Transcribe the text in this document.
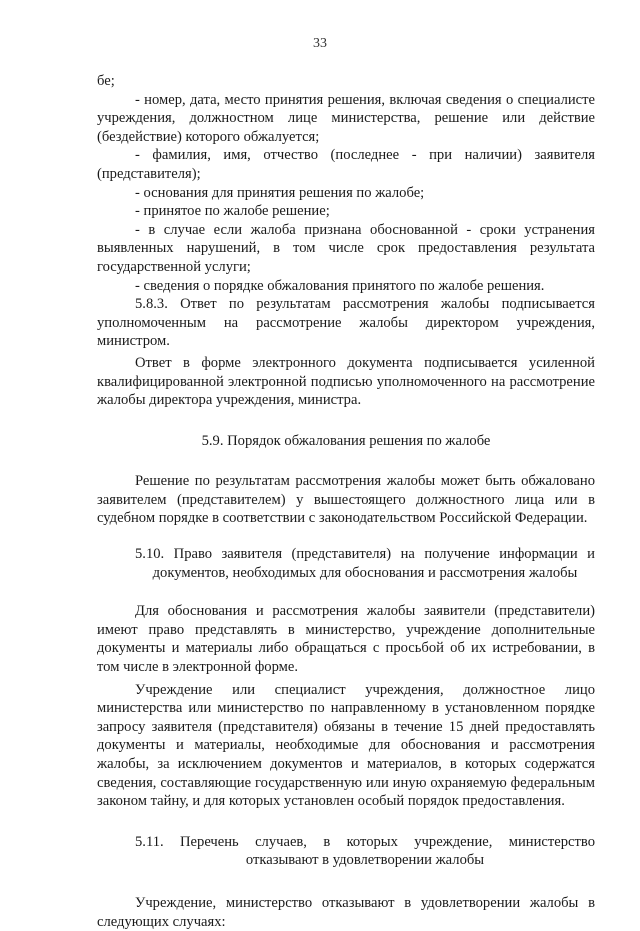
33

бе;

- номер, дата, место принятия решения, включая сведения о специалисте учреждения, должностном лице министерства, решение или действие (бездействие) которого обжалуется;

- фамилия, имя, отчество (последнее - при наличии) заявителя (представителя);

- основания для принятия решения по жалобе;

- принятое по жалобе решение;

- в случае если жалоба признана обоснованной - сроки устранения выявленных нарушений, в том числе срок предоставления результата государственной услуги;

- сведения о порядке обжалования принятого по жалобе решения.

5.8.3. Ответ по результатам рассмотрения жалобы подписывается уполномоченным на рассмотрение жалобы директором учреждения, министром.

Ответ в форме электронного документа подписывается усиленной квалифицированной электронной подписью уполномоченного на рассмотрение жалобы директора учреждения, министра.

5.9. Порядок обжалования решения по жалобе

Решение по результатам рассмотрения жалобы может быть обжаловано заявителем (представителем) у вышестоящего должностного лица или в судебном порядке в соответствии с законодательством Российской Федерации.

5.10. Право заявителя (представителя) на получение информации и документов, необходимых для обоснования и рассмотрения жалобы

Для обоснования и рассмотрения жалобы заявители (представители) имеют право представлять в министерство, учреждение дополнительные документы и материалы либо обращаться с просьбой об их истребовании, в том числе в электронной форме.

Учреждение или специалист учреждения, должностное лицо министерства или министерство по направленному в установленном порядке запросу заявителя (представителя) обязаны в течение 15 дней предоставлять документы и материалы, необходимые для обоснования и рассмотрения жалобы, за исключением документов и материалов, в которых содержатся сведения, составляющие государственную или иную охраняемую федеральным законом тайну, и для которых установлен особый порядок предоставления.

5.11. Перечень случаев, в которых учреждение, министерство отказывают в удовлетворении жалобы

Учреждение, министерство отказывают в удовлетворении жалобы в следующих случаях:
